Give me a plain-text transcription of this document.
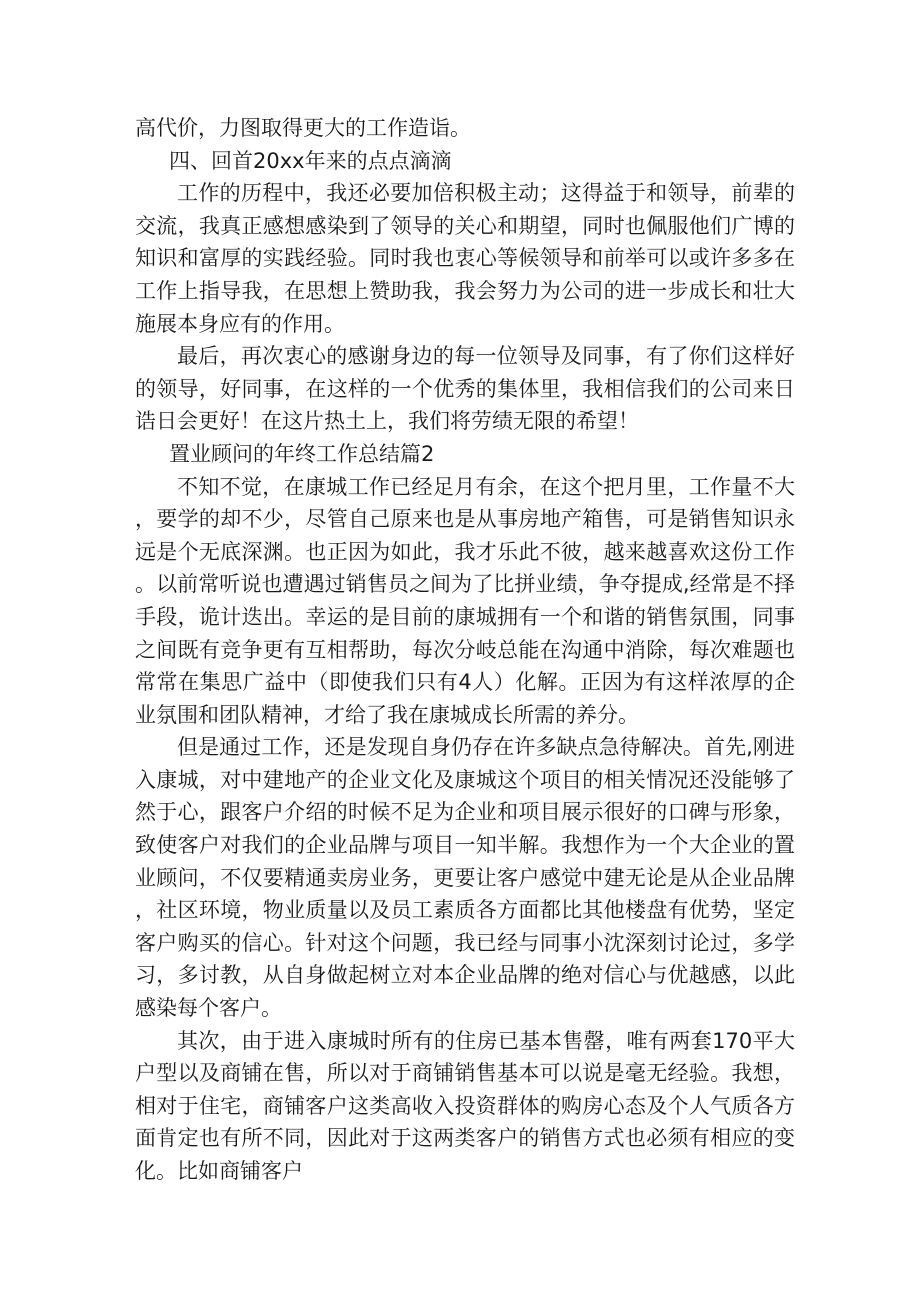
高代价，力图取得更大的工作造诣。

四、回首20xx年来的点点滴滴

工作的历程中，我还必要加倍积极主动；这得益于和领导，前辈的交流，我真正感想感染到了领导的关心和期望，同时也佩服他们广博的知识和富厚的实践经验。同时我也衷心等候领导和前举可以或许多多在工作上指导我，在思想上赞助我，我会努力为公司的进一步成长和壮大施展本身应有的作用。

最后，再次衷心的感谢身边的每一位领导及同事，有了你们这样好的领导，好同事，在这样的一个优秀的集体里，我相信我们的公司来日诰日会更好！在这片热土上，我们将劳绩无限的希望！

置业顾问的年终工作总结篇2

不知不觉，在康城工作已经足月有余，在这个把月里，工作量不大，要学的却不少，尽管自己原来也是从事房地产箱售，可是销售知识永远是个无底深渊。也正因为如此，我才乐此不彼，越来越喜欢这份工作。以前常听说也遭遇过销售员之间为了比拼业绩，争夺提成,经常是不择手段，诡计迭出。幸运的是目前的康城拥有一个和谐的销售氛围，同事之间既有竞争更有互相帮助，每次分岐总能在沟通中消除，每次难题也常常在集思广益中（即使我们只有4人）化解。正因为有这样浓厚的企业氛围和团队精神，才给了我在康城成长所需的养分。

但是通过工作，还是发现自身仍存在许多缺点急待解决。首先,刚进入康城，对中建地产的企业文化及康城这个项目的相关情况还没能够了然于心，跟客户介绍的时候不足为企业和项目展示很好的口碑与形象，致使客户对我们的企业品牌与项目一知半解。我想作为一个大企业的置业顾问，不仅要精通卖房业务，更要让客户感觉中建无论是从企业品牌，社区环境，物业质量以及员工素质各方面都比其他楼盘有优势，坚定客户购买的信心。针对这个问题，我已经与同事小沈深刻讨论过，多学习，多讨教，从自身做起树立对本企业品牌的绝对信心与优越感，以此感染每个客户。

其次，由于进入康城时所有的住房已基本售罄，唯有两套170平大户型以及商铺在售，所以对于商铺销售基本可以说是毫无经验。我想，相对于住宅，商铺客户这类高收入投资群体的购房心态及个人气质各方面肯定也有所不同，因此对于这两类客户的销售方式也必须有相应的变化。比如商铺客户
